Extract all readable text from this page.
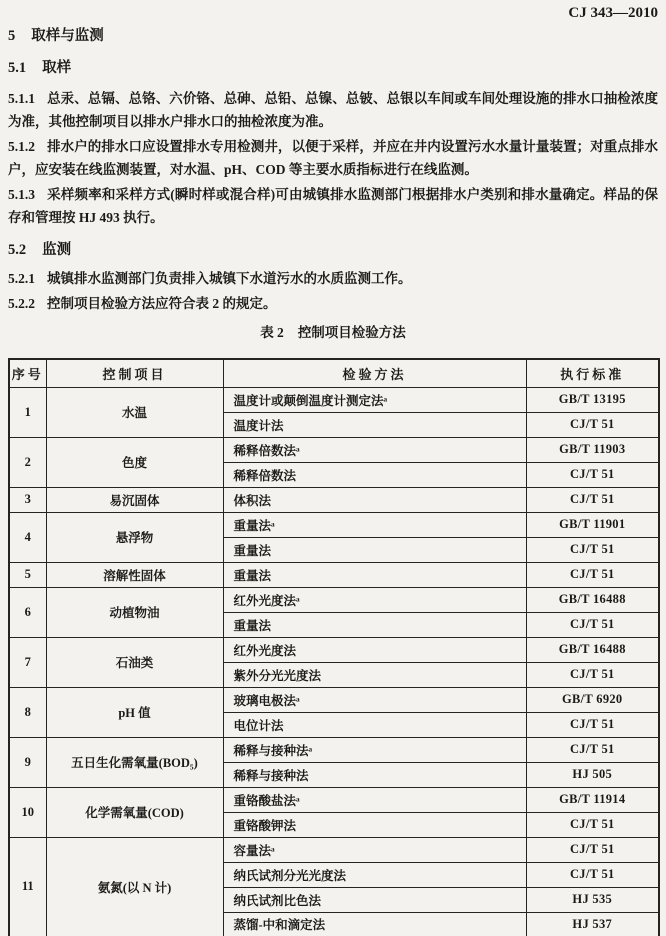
CJ 343—2010
5 取样与监测
5.1 取样

5.1.1 总汞、总镉、总铬、六价铬、总砷、总铅、总镍、总铍、总银以车间或车间处理设施的排水口抽检浓度为准，其他控制项目以排水户排水口的抽检浓度为准。

5.1.2 排水户的排水口应设置排水专用检测井，以便于采样，并应在井内设置污水水量计量装置；对重点排水户，应安装在线监测装置，对水温、pH、COD 等主要水质指标进行在线监测。

5.1.3 采样频率和采样方式(瞬时样或混合样)可由城镇排水监测部门根据排水户类别和排水量确定。样品的保存和管理按 HJ 493 执行。

5.2 监测

5.2.1 城镇排水监测部门负责排入城镇下水道污水的水质监测工作。

5.2.2 控制项目检验方法应符合表 2 的规定。

表 2 控制项目检验方法
序号	控制项目	检验方法	执行标准
1	水温	温度计或颠倒温度计测定法ᵃ	GB/T 13195
		温度计法	CJ/T 51
2	色度	稀释倍数法ᵃ	GB/T 11903
		稀释倍数法	CJ/T 51
3	易沉固体	体积法	CJ/T 51
4	悬浮物	重量法ᵃ	GB/T 11901
		重量法	CJ/T 51
5	溶解性固体	重量法	CJ/T 51
6	动植物油	红外光度法ᵃ	GB/T 16488
		重量法	CJ/T 51
7	石油类	红外光度法	GB/T 16488
		紫外分光光度法	CJ/T 51
8	pH 值	玻璃电极法ᵃ	GB/T 6920
		电位计法	CJ/T 51
9	五日生化需氧量(BOD₅)	稀释与接种法ᵃ	CJ/T 51
		稀释与接种法	HJ 505
10	化学需氧量(COD)	重铬酸盐法ᵃ	GB/T 11914
		重铬酸钾法	CJ/T 51
11	氨氮(以 N 计)	容量法ᵃ	CJ/T 51
		纳氏试剂分光光度法	CJ/T 51
		纳氏试剂比色法	HJ 535
		蒸馏-中和滴定法	HJ 537
